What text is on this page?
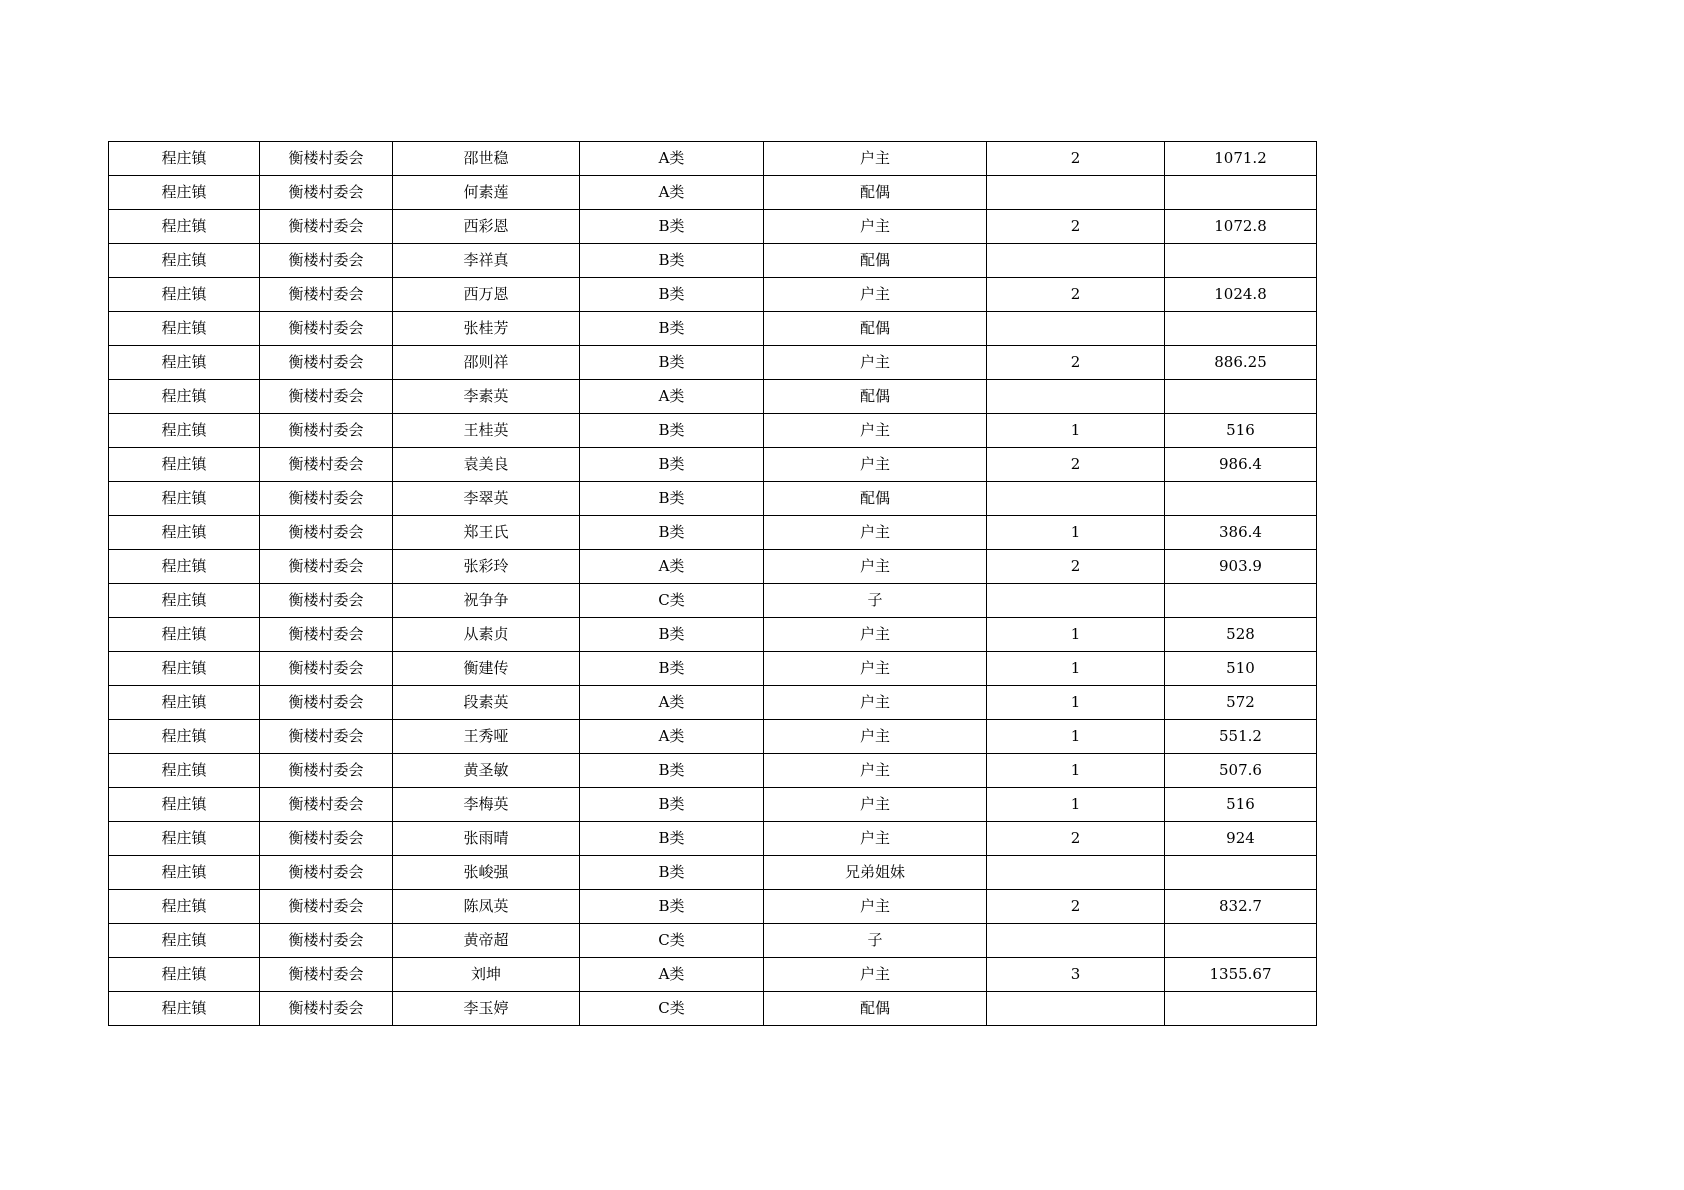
程庄镇	衡楼村委会	邵世稳	A类	户主	2	1071.2
程庄镇	衡楼村委会	何素莲	A类	配偶		
程庄镇	衡楼村委会	西彩恩	B类	户主	2	1072.8
程庄镇	衡楼村委会	李祥真	B类	配偶		
程庄镇	衡楼村委会	西万恩	B类	户主	2	1024.8
程庄镇	衡楼村委会	张桂芳	B类	配偶		
程庄镇	衡楼村委会	邵则祥	B类	户主	2	886.25
程庄镇	衡楼村委会	李素英	A类	配偶		
程庄镇	衡楼村委会	王桂英	B类	户主	1	516
程庄镇	衡楼村委会	袁美良	B类	户主	2	986.4
程庄镇	衡楼村委会	李翠英	B类	配偶		
程庄镇	衡楼村委会	郑王氏	B类	户主	1	386.4
程庄镇	衡楼村委会	张彩玲	A类	户主	2	903.9
程庄镇	衡楼村委会	祝争争	C类	子		
程庄镇	衡楼村委会	从素贞	B类	户主	1	528
程庄镇	衡楼村委会	衡建传	B类	户主	1	510
程庄镇	衡楼村委会	段素英	A类	户主	1	572
程庄镇	衡楼村委会	王秀哑	A类	户主	1	551.2
程庄镇	衡楼村委会	黄圣敏	B类	户主	1	507.6
程庄镇	衡楼村委会	李梅英	B类	户主	1	516
程庄镇	衡楼村委会	张雨晴	B类	户主	2	924
程庄镇	衡楼村委会	张峻强	B类	兄弟姐妹		
程庄镇	衡楼村委会	陈凤英	B类	户主	2	832.7
程庄镇	衡楼村委会	黄帝超	C类	子		
程庄镇	衡楼村委会	刘坤	A类	户主	3	1355.67
程庄镇	衡楼村委会	李玉婷	C类	配偶		
